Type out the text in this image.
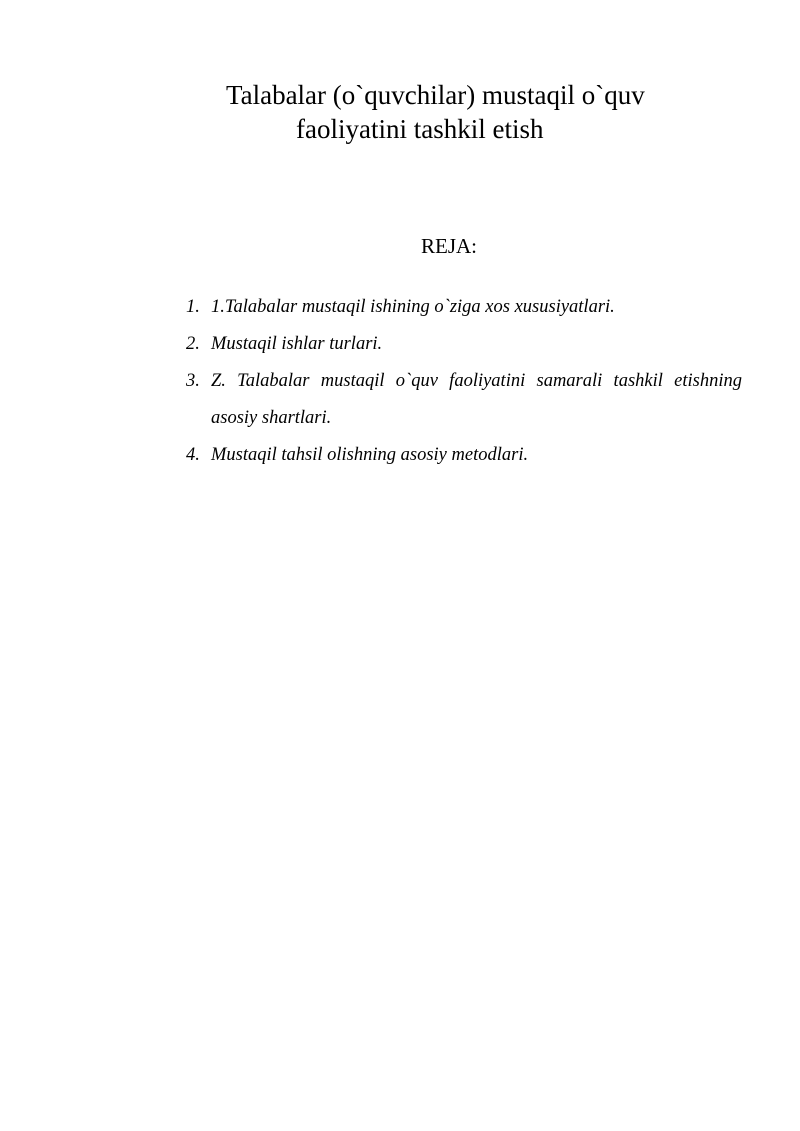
Talabalar (o`quvchilar) mustaqil o`quv
faoliyatini tashkil etish
REJA:
1. 1.Talabalar mustaqil ishining o`ziga xos xususiyatlari.
2. Mustaqil ishlar turlari.
3. Z. Talabalar mustaqil o`quv faoliyatini samarali tashkil etishning asosiy shartlari.
4. Mustaqil tahsil olishning asosiy metodlari.
